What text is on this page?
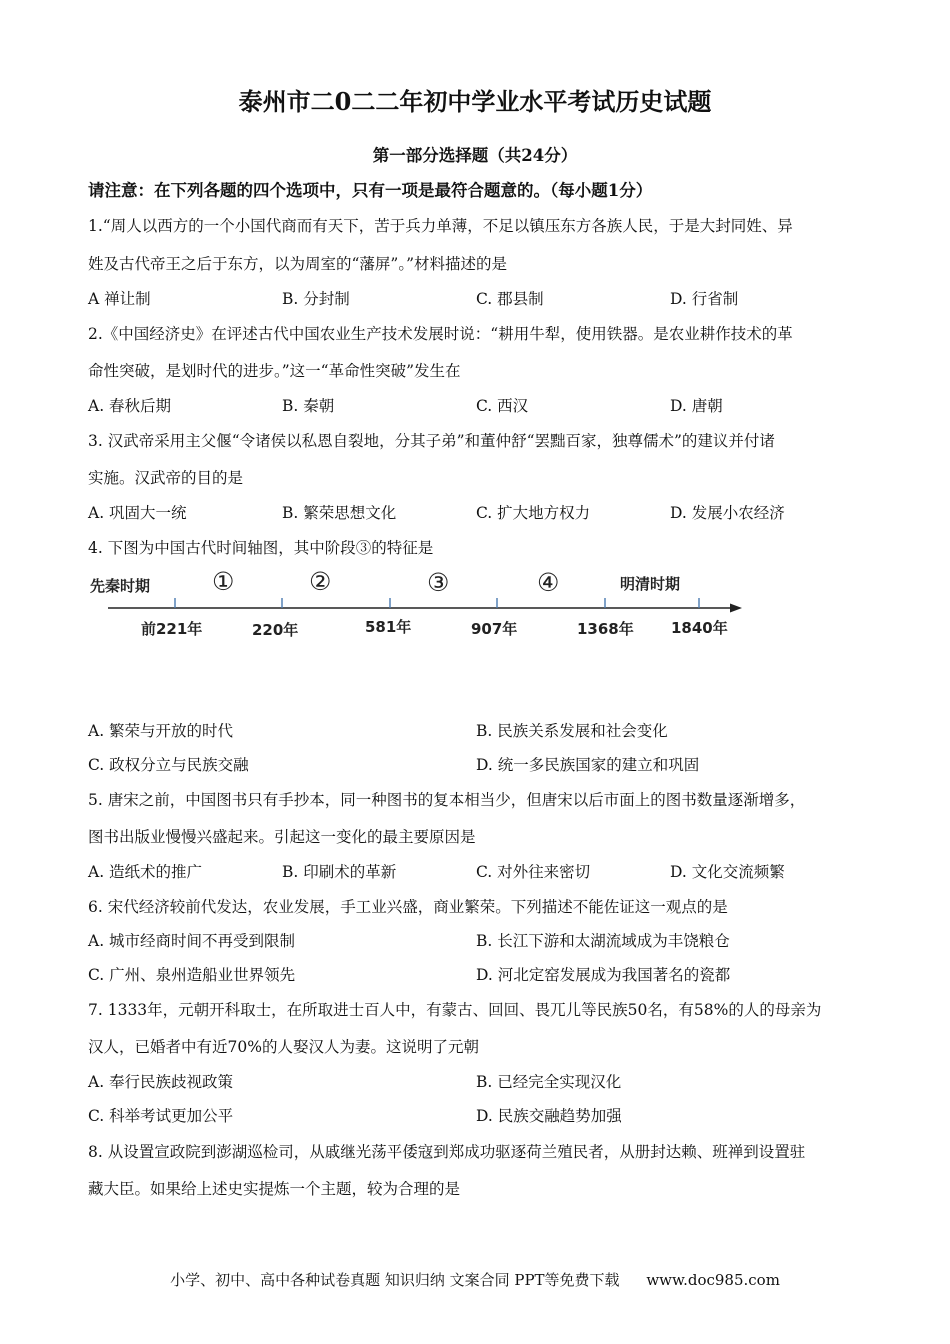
泰州市二0二二年初中学业水平考试历史试题
第一部分选择题（共24分）
请注意：在下列各题的四个选项中，只有一项是最符合题意的。（每小题1分）
1.“周人以西方的一个小国代商而有天下，苦于兵力单薄，不足以镇压东方各族人民，于是大封同姓、异
姓及古代帝王之后于东方，以为周室的“藩屏”。”材料描述的是
A 禅让制	B. 分封制	C. 郡县制	D. 行省制
2.《中国经济史》在评述古代中国农业生产技术发展时说：“耕用牛犁，使用铁器。是农业耕作技术的革
命性突破，是划时代的进步。”这一“革命性突破”发生在
A. 春秋后期	B. 秦朝	C. 西汉	D. 唐朝
3. 汉武帝采用主父偃“令诸侯以私恩自裂地，分其子弟”和董仲舒“罢黜百家，独尊儒术”的建议并付诸
实施。汉武帝的目的是
A. 巩固大一统	B. 繁荣思想文化	C. 扩大地方权力	D. 发展小农经济
4. 下图为中国古代时间轴图，其中阶段③的特征是
先秦时期	明清时期
①	②	③	④
前221年	220年	581年	907年	1368年 1840年
A. 繁荣与开放的时代	B. 民族关系发展和社会变化
C. 政权分立与民族交融	D. 统一多民族国家的建立和巩固
5. 唐宋之前，中国图书只有手抄本，同一种图书的复本相当少，但唐宋以后市面上的图书数量逐渐增多，
图书出版业慢慢兴盛起来。引起这一变化的最主要原因是
A. 造纸术的推广	B. 印刷术的革新	C. 对外往来密切	D. 文化交流频繁
6. 宋代经济较前代发达，农业发展，手工业兴盛，商业繁荣。下列描述不能佐证这一观点的是
A. 城市经商时间不再受到限制	B. 长江下游和太湖流域成为丰饶粮仓
C. 广州、泉州造船业世界领先	D. 河北定窑发展成为我国著名的瓷都
7. 1333年，元朝开科取士，在所取进士百人中，有蒙古、回回、畏兀儿等民族50名，有58%的人的母亲为
汉人，已婚者中有近70%的人娶汉人为妻。这说明了元朝
A. 奉行民族歧视政策	B. 已经完全实现汉化
C. 科举考试更加公平	D. 民族交融趋势加强
8. 从设置宣政院到澎湖巡检司，从戚继光荡平倭寇到郑成功驱逐荷兰殖民者，从册封达赖、班禅到设置驻
藏大臣。如果给上述史实提炼一个主题，较为合理的是
小学、初中、高中各种试卷真题 知识归纳 文案合同 PPT等免费下载 www.doc985.com
